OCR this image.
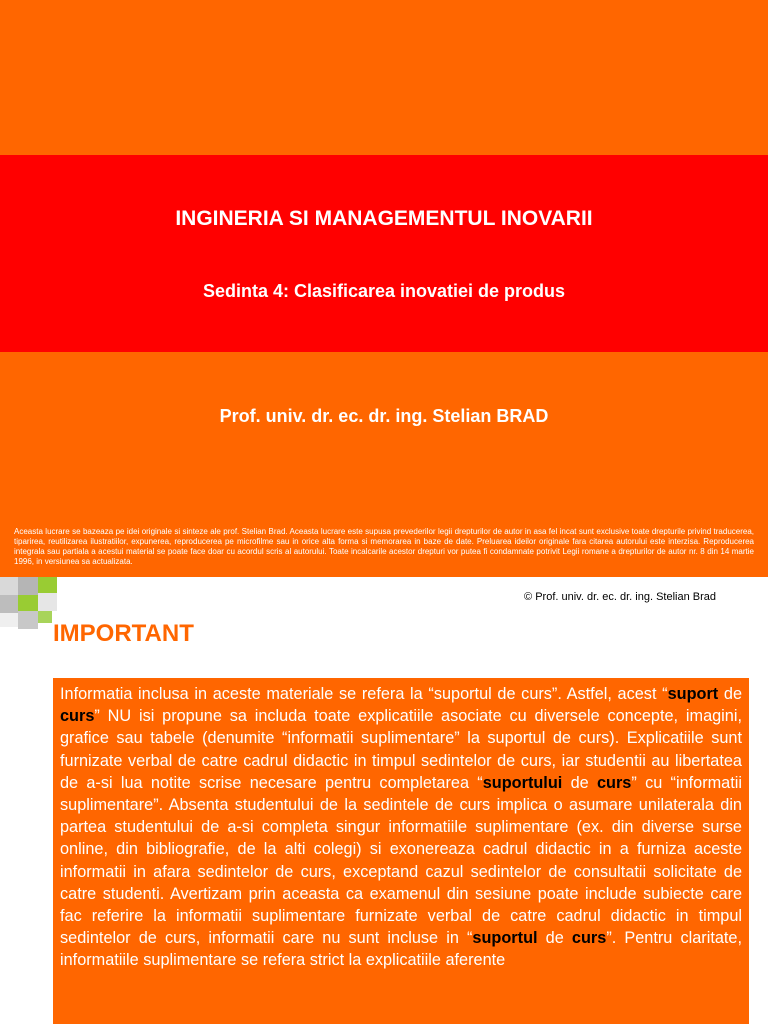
INGINERIA SI MANAGEMENTUL INOVARII
Sedinta 4: Clasificarea inovatiei de produs
Prof. univ. dr. ec. dr. ing. Stelian BRAD
Aceasta lucrare se bazeaza pe idei originale si sinteze ale prof. Stelian Brad. Aceasta lucrare este supusa prevederilor legii drepturilor de autor in asa fel incat sunt exclusive toate drepturile privind traducerea, tiparirea, reutilizarea ilustratiilor, expunerea, reproducerea pe microfilme sau in orice alta forma si memorarea in baze de date. Preluarea ideilor originale fara citarea autorului este interzisa. Reproducerea integrala sau partiala a acestui material se poate face doar cu acordul scris al autorului. Toate incalcarile acestor drepturi vor putea fi condamnate potrivit Legii romane a drepturilor de autor nr. 8 din 14 martie 1996, in versiunea sa actualizata.
© Prof. univ. dr. ec. dr. ing. Stelian Brad
IMPORTANT
Informatia inclusa in aceste materiale se refera la “suportul de curs”. Astfel, acest “suport de curs” NU isi propune sa includa toate explicatiile asociate cu diversele concepte, imagini, grafice sau tabele (denumite “informatii suplimentare” la suportul de curs). Explicatiile sunt furnizate verbal de catre cadrul didactic in timpul sedintelor de curs, iar studentii au libertatea de a-si lua notite scrise necesare pentru completarea “suportului de curs” cu “informatii suplimentare”. Absenta studentului de la sedintele de curs implica o asumare unilaterala din partea studentului de a-si completa singur informatiile suplimentare (ex. din diverse surse online, din bibliografie, de la alti colegi) si exonereaza cadrul didactic in a furniza aceste informatii in afara sedintelor de curs, exceptand cazul sedintelor de consultatii solicitate de catre studenti. Avertizam prin aceasta ca examenul din sesiune poate include subiecte care fac referire la informatii suplimentare furnizate verbal de catre cadrul didactic in timpul sedintelor de curs, informatii care nu sunt incluse in “suportul de curs”. Pentru claritate, informatiile suplimentare se refera strict la explicatiile aferente
